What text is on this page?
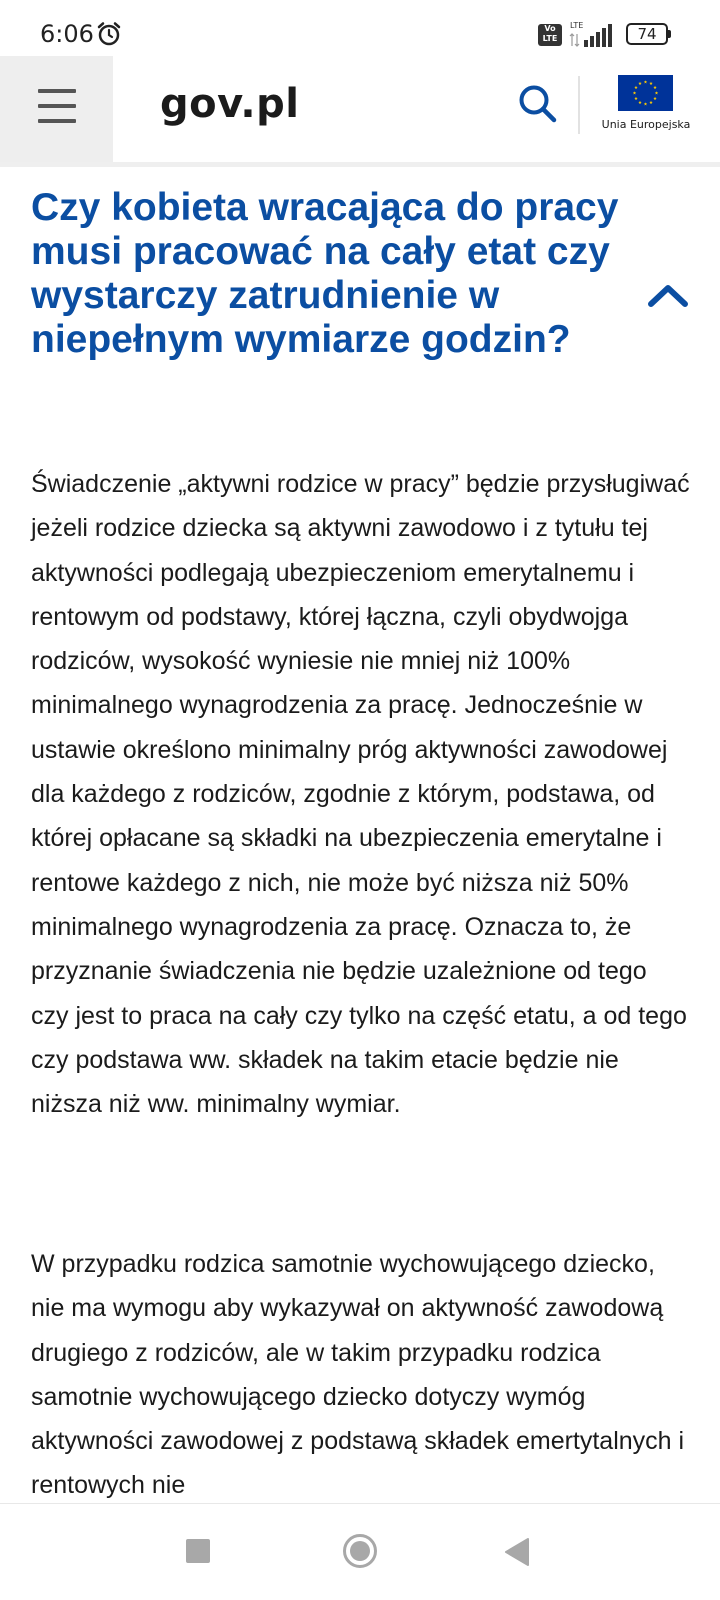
6:06	Vo LTE
LTE	74
gov.pl	Unia Europejska
Czy kobieta wracająca do pracy musi pracować na cały etat czy wystarczy zatrudnienie w niepełnym wymiarze godzin?

Świadczenie „aktywni rodzice w pracy” będzie przysługiwać jeżeli rodzice dziecka są aktywni zawodowo i z tytułu tej aktywności podlegają ubezpieczeniom emerytalnemu i rentowym od podstawy, której łączna, czyli obydwojga rodziców, wysokość wyniesie nie mniej niż 100% minimalnego wynagrodzenia za pracę. Jednocześnie w ustawie określono minimalny próg aktywności zawodowej dla każdego z rodziców, zgodnie z którym, podstawa, od której opłacane są składki na ubezpieczenia emerytalne i rentowe każdego z nich, nie może być niższa niż 50% minimalnego wynagrodzenia za pracę. Oznacza to, że przyznanie świadczenia nie będzie uzależnione od tego czy jest to praca na cały czy tylko na część etatu, a od tego czy podstawa ww. składek na takim etacie będzie nie niższa niż ww. minimalny wymiar.

W przypadku rodzica samotnie wychowującego dziecko, nie ma wymogu aby wykazywał on aktywność zawodową drugiego z rodziców, ale w takim przypadku rodzica samotnie wychowującego dziecko dotyczy wymóg aktywności zawodowej z podstawą składek emertytalnych i rentowych nie
